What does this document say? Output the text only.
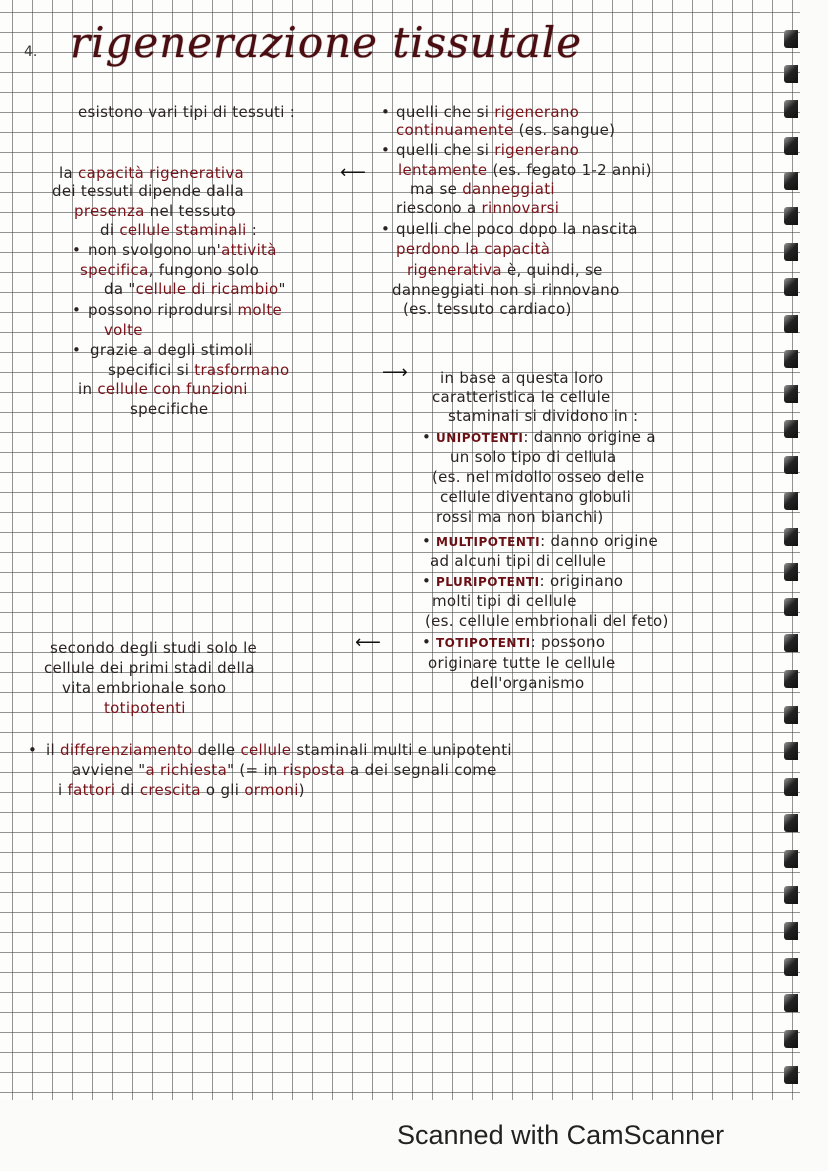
4. rigenerazione tissutale
esistono vari tipi di tessuti :	• quelli che si rigenerano
continuamente (es. sangue)
• quelli che si rigenerano
lentamente (es. fegato 1-2 anni)
ma se danneggiati
riescono a rinnovarsi
• quelli che poco dopo la nascita
perdono la capacità
rigenerativa è, quindi, se
danneggiati non si rinnovano
(es. tessuto cardiaco)
la capacità rigenerativa	⟵
dei tessuti dipende dalla
presenza nel tessuto
di cellule staminali :
• non svolgono un'attività
specifica, fungono solo
da "cellule di ricambio"
• possono riprodursi molte
volte
• grazie a degli stimoli
specifici si trasformano	⟶
in cellule con funzioni
specifiche
in base a questa loro
caratteristica le cellule
staminali si dividono in :
• UNIPOTENTI: danno origine a
un solo tipo di cellula
(es. nel midollo osseo delle
cellule diventano globuli
rossi ma non bianchi)
• MULTIPOTENTI: danno origine
ad alcuni tipi di cellule
• PLURIPOTENTI: originano
molti tipi di cellule
(es. cellule embrionali del feto)
• TOTIPOTENTI: possono
originare tutte le cellule
dell'organismo
secondo degli studi solo le	⟵
cellule dei primi stadi della
vita embrionale sono
totipotenti
• il differenziamento delle cellule staminali multi e unipotenti
avviene "a richiesta" (= in risposta a dei segnali come
i fattori di crescita o gli ormoni)
Scanned with CamScanner
